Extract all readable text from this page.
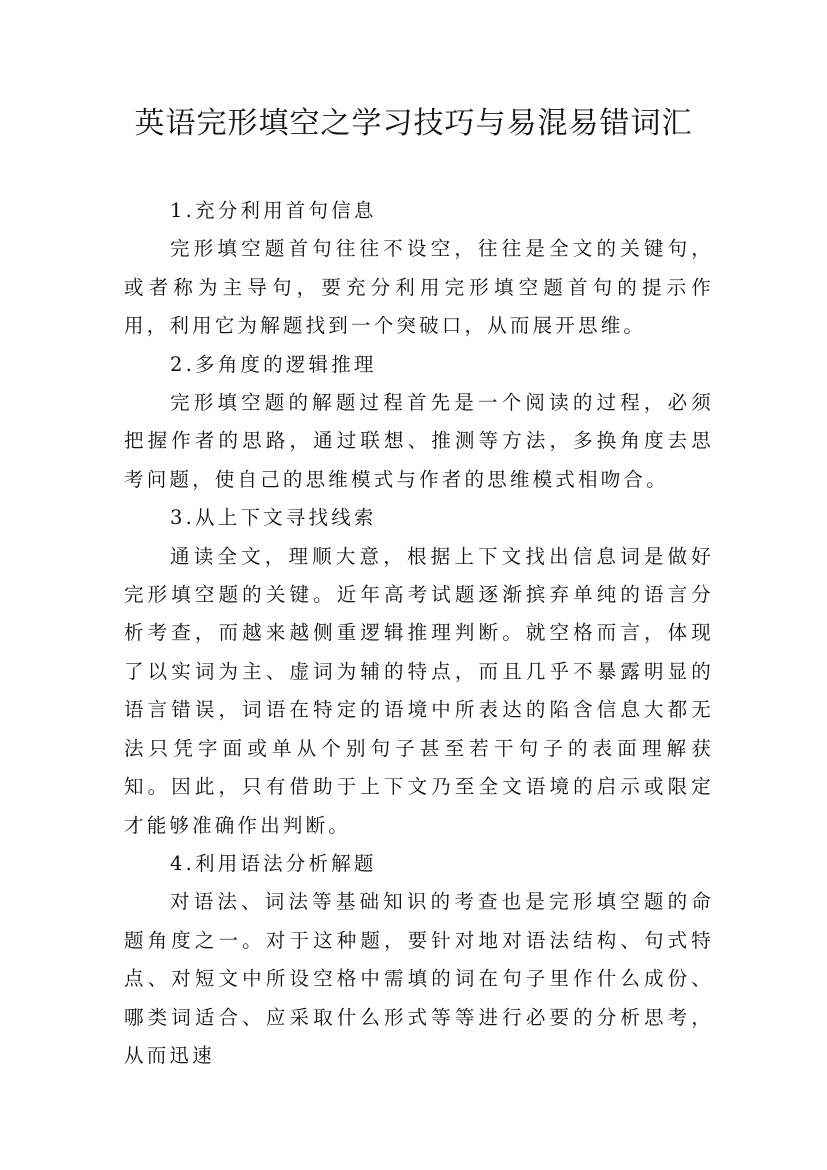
英语完形填空之学习技巧与易混易错词汇

1.充分利用首句信息

完形填空题首句往往不设空，往往是全文的关键句，或者称为主导句，要充分利用完形填空题首句的提示作用，利用它为解题找到一个突破口，从而展开思维。

2.多角度的逻辑推理

完形填空题的解题过程首先是一个阅读的过程，必须把握作者的思路，通过联想、推测等方法，多换角度去思考问题，使自己的思维模式与作者的思维模式相吻合。

3.从上下文寻找线索

通读全文，理顺大意，根据上下文找出信息词是做好完形填空题的关键。近年高考试题逐渐摈弃单纯的语言分析考查，而越来越侧重逻辑推理判断。就空格而言，体现了以实词为主、虚词为辅的特点，而且几乎不暴露明显的语言错误，词语在特定的语境中所表达的陷含信息大都无法只凭字面或单从个别句子甚至若干句子的表面理解获知。因此，只有借助于上下文乃至全文语境的启示或限定才能够准确作出判断。

4.利用语法分析解题

对语法、词法等基础知识的考查也是完形填空题的命题角度之一。对于这种题，要针对地对语法结构、句式特点、对短文中所设空格中需填的词在句子里作什么成份、哪类词适合、应采取什么形式等等进行必要的分析思考，从而迅速
